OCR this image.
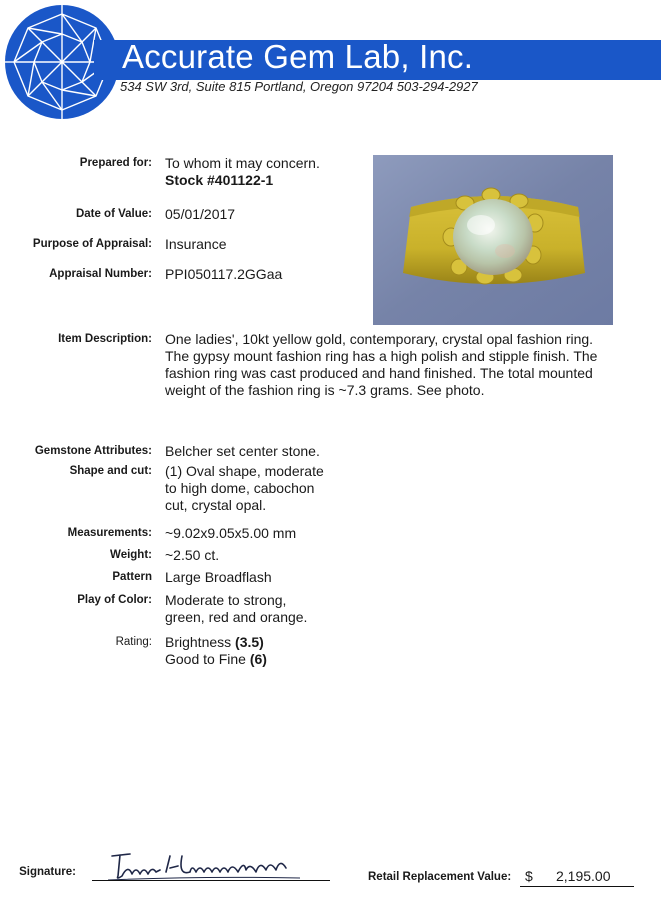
Accurate Gem Lab, Inc.
534 SW 3rd, Suite 815 Portland, Oregon 97204 503-294-2927
Prepared for: To whom it may concern.
Stock #401122-1
Date of Value: 05/01/2017
Purpose of Appraisal: Insurance
Appraisal Number: PPI050117.2GGaa
Item Description: One ladies', 10kt yellow gold, contemporary, crystal opal fashion ring.
The gypsy mount fashion ring has a high polish and stipple finish. The
fashion ring was cast produced and hand finished. The total mounted
weight of the fashion ring is ~7.3 grams. See photo.
Gemstone Attributes: Belcher set center stone.
Shape and cut: (1) Oval shape, moderate
to high dome, cabochon
cut, crystal opal.
Measurements: ~9.02x9.05x5.00 mm
Weight: ~2.50 ct.
Pattern Large Broadflash
Play of Color: Moderate to strong,
green, red and orange.
Rating: Brightness (3.5)
Good to Fine (6)
Signature:	Retail Replacement Value: $ 2,195.00
